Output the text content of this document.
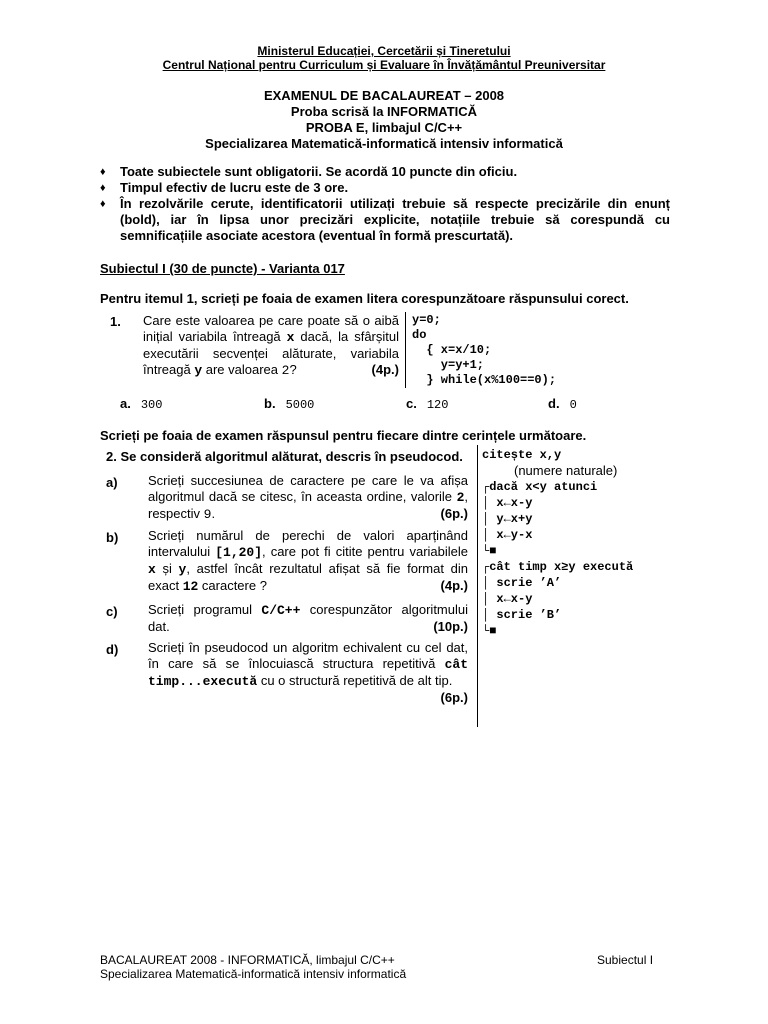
Ministerul Educației, Cercetării și Tineretului
Centrul Național pentru Curriculum și Evaluare în Învățământul Preuniversitar
EXAMENUL DE BACALAUREAT – 2008
Proba scrisă la INFORMATICĂ
PROBA E, limbajul C/C++
Specializarea Matematică-informatică intensiv informatică
♦ Toate subiectele sunt obligatorii. Se acordă 10 puncte din oficiu.
♦ Timpul efectiv de lucru este de 3 ore.
♦ În rezolvările cerute, identificatorii utilizați trebuie să respecte precizările din enunț (bold), iar în lipsa unor precizări explicite, notațiile trebuie să corespundă cu semnificațiile asociate acestora (eventual în formă prescurtată).
Subiectul I (30 de puncte) - Varianta 017
Pentru itemul 1, scrieți pe foaia de examen litera corespunzătoare răspunsului corect.
1. Care este valoarea pe care poate să o aibă inițial variabila întreagă x dacă, la sfârșitul executării secvenței alăturate, variabila întreagă y are valoarea 2?	(4p.)
y=0;
do
{ x=x/10;
y=y+1;
} while(x%100==0);
a. 300	b. 5000	c. 120	d. 0
Scrieți pe foaia de examen răspunsul pentru fiecare dintre cerințele următoare.
2. Se consideră algoritmul alăturat, descris în pseudocod.
a) Scrieți succesiunea de caractere pe care le va afișa algoritmul dacă se citesc, în aceasta ordine, valorile 2, respectiv 9.	(6p.)
b) Scrieți numărul de perechi de valori aparținând intervalului [1,20], care pot fi citite pentru variabilele x și y, astfel încât rezultatul afișat să fie format din exact 12 caractere ?	(4p.)
c) Scrieți programul C/C++ corespunzător algoritmului dat.	(10p.)
d) Scrieți în pseudocod un algoritm echivalent cu cel dat, în care să se înlocuiască structura repetitivă cât timp...execută cu o structură repetitivă de alt tip.
(6p.)
citește x,y
(numere naturale)
┌dacă x<y atunci
│ x←x-y
│ y←x+y
│ x←y-x
└■
┌cât timp x≥y execută
│ scrie ’A’
│ x←x-y
│ scrie ’B’
└■
BACALAUREAT 2008 - INFORMATICĂ, limbajul C/C++
Specializarea Matematică-informatică intensiv informatică
Subiectul I
